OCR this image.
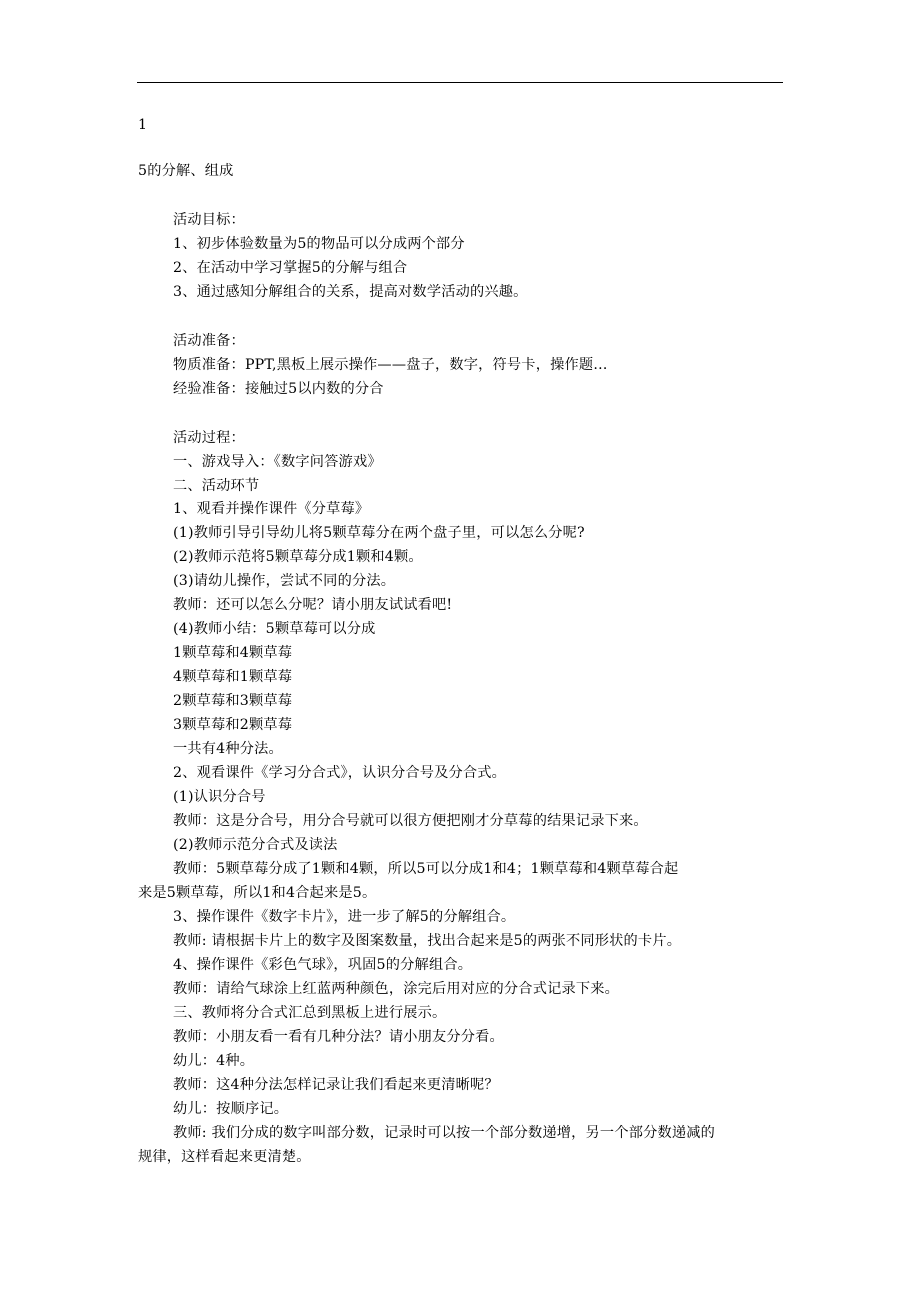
1
5的分解、组成
活动目标：
1、初步体验数量为5的物品可以分成两个部分
2、在活动中学习掌握5的分解与组合
3、通过感知分解组合的关系，提高对数学活动的兴趣。
活动准备：
物质准备：PPT,黑板上展示操作——盘子，数字，符号卡，操作题…
经验准备：接触过5以内数的分合
活动过程：
一、游戏导入：《数字问答游戏》
二、活动环节
1、观看并操作课件《分草莓》
(1)教师引导引导幼儿将5颗草莓分在两个盘子里，可以怎么分呢?
(2)教师示范将5颗草莓分成1颗和4颗。
(3)请幼儿操作，尝试不同的分法。
教师：还可以怎么分呢？请小朋友试试看吧!
(4)教师小结：5颗草莓可以分成
1颗草莓和4颗草莓
4颗草莓和1颗草莓
2颗草莓和3颗草莓
3颗草莓和2颗草莓
一共有4种分法。
2、观看课件《学习分合式》，认识分合号及分合式。
(1)认识分合号
教师：这是分合号，用分合号就可以很方便把刚才分草莓的结果记录下来。
(2)教师示范分合式及读法
教师：5颗草莓分成了1颗和4颗，所以5可以分成1和4；1颗草莓和4颗草莓合起
来是5颗草莓，所以1和4合起来是5。
3、操作课件《数字卡片》，进一步了解5的分解组合。
教师: 请根据卡片上的数字及图案数量，找出合起来是5的两张不同形状的卡片。
4、操作课件《彩色气球》，巩固5的分解组合。
教师：请给气球涂上红蓝两种颜色，涂完后用对应的分合式记录下来。
三、教师将分合式汇总到黑板上进行展示。
教师：小朋友看一看有几种分法？请小朋友分分看。
幼儿：4种。
教师：这4种分法怎样记录让我们看起来更清晰呢？
幼儿：按顺序记。
教师: 我们分成的数字叫部分数，记录时可以按一个部分数递增，另一个部分数递减的
规律，这样看起来更清楚。
